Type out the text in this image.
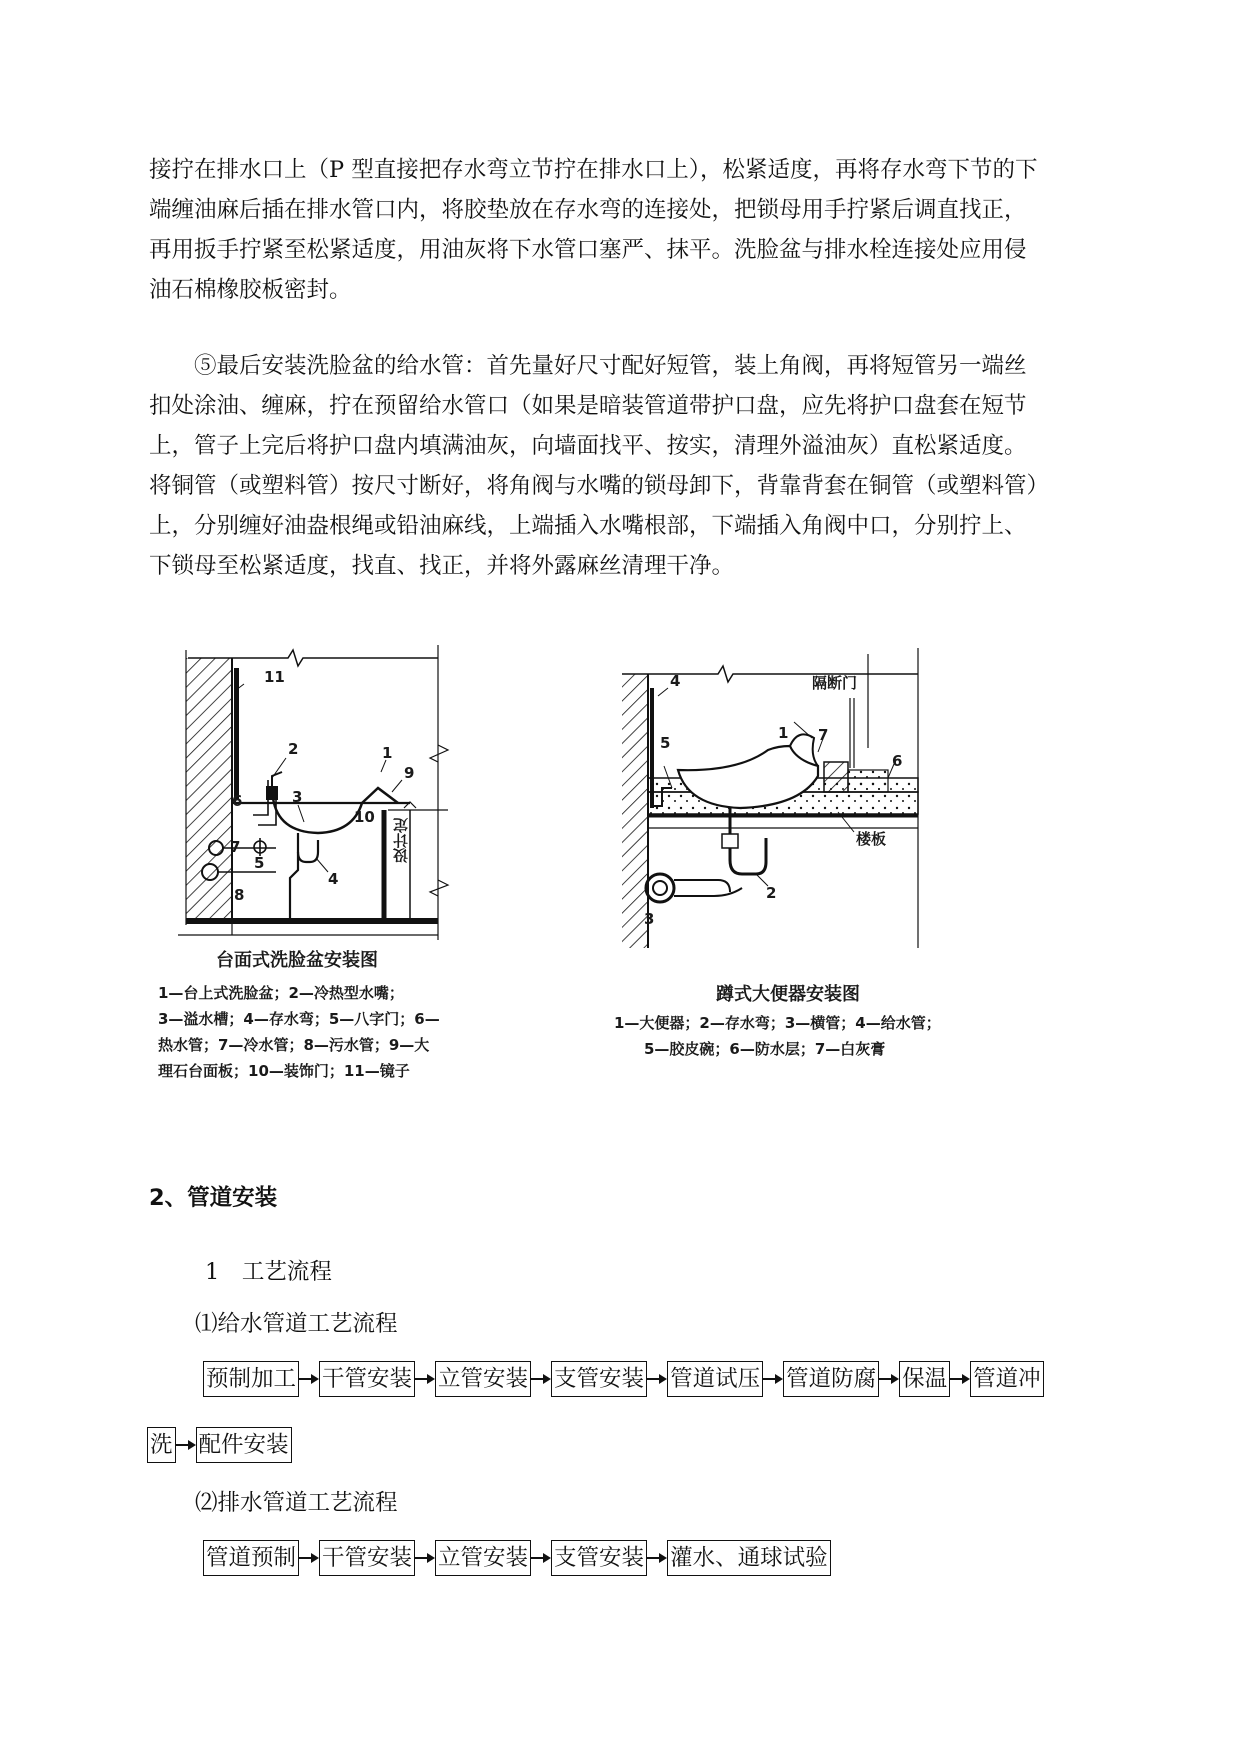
接拧在排水口上（P 型直接把存水弯立节拧在排水口上），松紧适度，再将存水弯下节的下

端缠油麻后插在排水管口内，将胶垫放在存水弯的连接处，把锁母用手拧紧后调直找正，

再用扳手拧紧至松紧适度，用油灰将下水管口塞严、抹平。洗脸盆与排水栓连接处应用侵

油石棉橡胶板密封。

⑤最后安装洗脸盆的给水管：首先量好尺寸配好短管，装上角阀，再将短管另一端丝

扣处涂油、缠麻，拧在预留给水管口（如果是暗装管道带护口盘，应先将护口盘套在短节

上，管子上完后将护口盘内填满油灰，向墙面找平、按实，清理外溢油灰）直松紧适度。

将铜管（或塑料管）按尺寸断好，将角阀与水嘴的锁母卸下，背靠背套在铜管（或塑料管）

上，分别缠好油盎根绳或铅油麻线，上端插入水嘴根部，下端插入角阀中口，分别拧上、

下锁母至松紧适度，找直、找正，并将外露麻丝清理干净。

11
2	1
9
6	3
10
7
5
4
8
设计定
台面式洗脸盆安装图
1—台上式洗脸盆；2—冷热型水嘴；
3—溢水槽；4—存水弯；5—八字门；6—
热水管；7—冷水管；8—污水管；9—大
理石台面板；10—装饰门；11—镜子
4	隔断门
5
1 7
6
楼板
2
3
蹲式大便器安装图
1—大便器；2—存水弯；3—横管；4—给水管；
5—胶皮碗；6—防水层；7—白灰膏
2、管道安装
1　工艺流程
⑴给水管道工艺流程
预制加工 干管安装 立管安装 支管安装 管道试压 管道防腐 保温 管道冲
洗 配件安装
⑵排水管道工艺流程
管道预制 干管安装 立管安装 支管安装 灌水、通球试验
